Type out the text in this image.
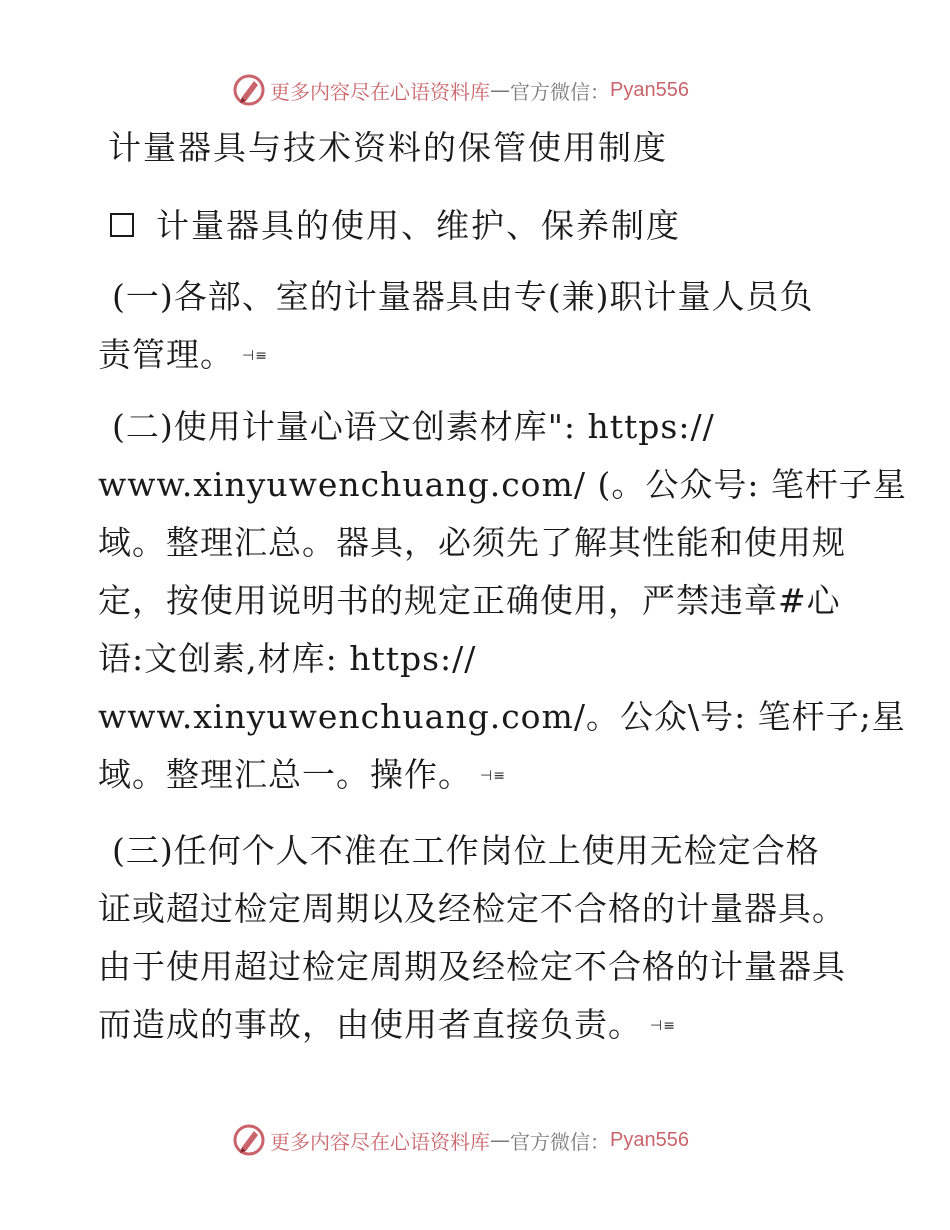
更多内容尽在心语资料库 — 官方微信： Pyan556
计量器具与技术资料的保管使用制度
计量器具的使用、维护、保养制度

(一)各部、室的计量器具由专(兼)职计量人员负
责管理。 ⊣≡

(二)使用计量心语文创素材库": https://
www.xinyuwenchuang.com/ (。公众号: 笔杆子星
域。整理汇总。器具，必须先了解其性能和使用规
定，按使用说明书的规定正确使用，严禁违章#心
语:文创素,材库: https://
www.xinyuwenchuang.com/。公众\号: 笔杆子;星
域。整理汇总一。操作。 ⊣≡

(三)任何个人不准在工作岗位上使用无检定合格
证或超过检定周期以及经检定不合格的计量器具。
由于使用超过检定周期及经检定不合格的计量器具
而造成的事故，由使用者直接负责。 ⊣≡

更多内容尽在心语资料库 — 官方微信： Pyan556
